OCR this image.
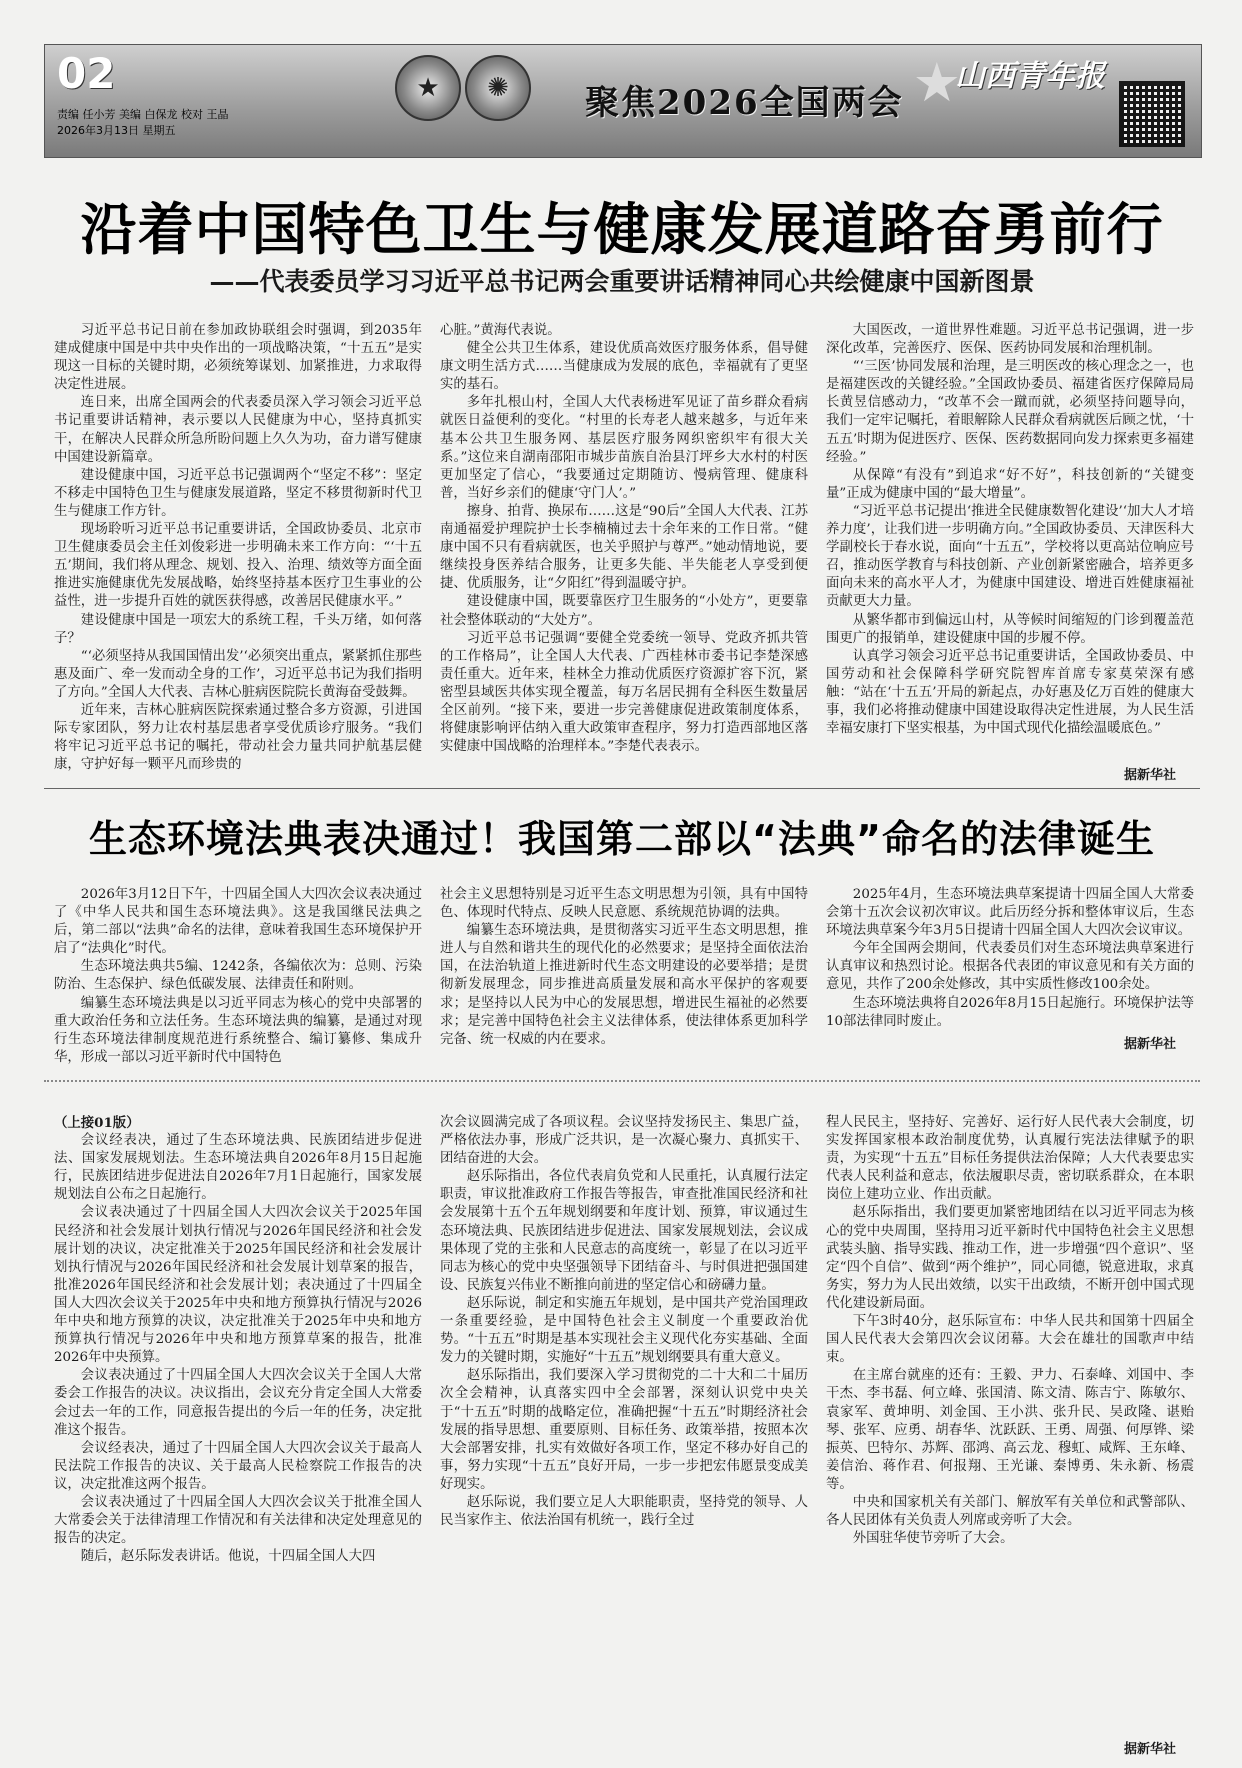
02
责编 任小芳 美编 白保龙 校对 王晶
2026年3月13日 星期五
★	✺	聚焦2026全国两会 ★
山西青年报
沿着中国特色卫生与健康发展道路奋勇前行
——代表委员学习习近平总书记两会重要讲话精神同心共绘健康中国新图景

习近平总书记日前在参加政协联组会时强调，到2035年建成健康中国是中共中央作出的一项战略决策，“十五五”是实现这一目标的关键时期，必须统筹谋划、加紧推进，力求取得决定性进展。

连日来，出席全国两会的代表委员深入学习领会习近平总书记重要讲话精神，表示要以人民健康为中心，坚持真抓实干，在解决人民群众所急所盼问题上久久为功，奋力谱写健康中国建设新篇章。

建设健康中国，习近平总书记强调两个“坚定不移”：坚定不移走中国特色卫生与健康发展道路，坚定不移贯彻新时代卫生与健康工作方针。

现场聆听习近平总书记重要讲话，全国政协委员、北京市卫生健康委员会主任刘俊彩进一步明确未来工作方向：“‘十五五’期间，我们将从理念、规划、投入、治理、绩效等方面全面推进实施健康优先发展战略，始终坚持基本医疗卫生事业的公益性，进一步提升百姓的就医获得感，改善居民健康水平。”

建设健康中国是一项宏大的系统工程，千头万绪，如何落子？

“‘必须坚持从我国国情出发’‘必须突出重点，紧紧抓住那些惠及面广、牵一发而动全身的工作’，习近平总书记为我们指明了方向。”全国人大代表、吉林心脏病医院院长黄海奋受鼓舞。

近年来，吉林心脏病医院探索通过整合多方资源，引进国际专家团队，努力让农村基层患者享受优质诊疗服务。“我们将牢记习近平总书记的嘱托，带动社会力量共同护航基层健康，守护好每一颗平凡而珍贵的

心脏。”黄海代表说。

健全公共卫生体系，建设优质高效医疗服务体系，倡导健康文明生活方式……当健康成为发展的底色，幸福就有了更坚实的基石。

多年扎根山村，全国人大代表杨进军见证了苗乡群众看病就医日益便利的变化。“村里的长寿老人越来越多，与近年来基本公共卫生服务网、基层医疗服务网织密织牢有很大关系。”这位来自湖南邵阳市城步苗族自治县汀坪乡大水村的村医更加坚定了信心，“我要通过定期随访、慢病管理、健康科普，当好乡亲们的健康‘守门人’。”

擦身、拍背、换尿布……这是“90后”全国人大代表、江苏南通福爱护理院护士长李楠楠过去十余年来的工作日常。“健康中国不只有看病就医，也关乎照护与尊严。”她动情地说，要继续投身医养结合服务，让更多失能、半失能老人享受到便捷、优质服务，让“夕阳红”得到温暖守护。

建设健康中国，既要靠医疗卫生服务的“小处方”，更要靠社会整体联动的“大处方”。

习近平总书记强调“要健全党委统一领导、党政齐抓共管的工作格局”，让全国人大代表、广西桂林市委书记李楚深感责任重大。近年来，桂林全力推动优质医疗资源扩容下沉，紧密型县域医共体实现全覆盖，每万名居民拥有全科医生数量居全区前列。“接下来，要进一步完善健康促进政策制度体系，将健康影响评估纳入重大政策审查程序，努力打造西部地区落实健康中国战略的治理样本。”李楚代表表示。

大国医改，一道世界性难题。习近平总书记强调，进一步深化改革，完善医疗、医保、医药协同发展和治理机制。

“‘三医’协同发展和治理，是三明医改的核心理念之一，也是福建医改的关键经验。”全国政协委员、福建省医疗保障局局长黄昱信感动力，“改革不会一蹴而就，必须坚持问题导向，我们一定牢记嘱托，着眼解除人民群众看病就医后顾之忧，‘十五五’时期为促进医疗、医保、医药数据同向发力探索更多福建经验。”

从保障“有没有”到追求“好不好”，科技创新的“关键变量”正成为健康中国的“最大增量”。

“习近平总书记提出‘推进全民健康数智化建设’‘加大人才培养力度’，让我们进一步明确方向。”全国政协委员、天津医科大学副校长于春水说，面向“十五五”，学校将以更高站位响应号召，推动医学教育与科技创新、产业创新紧密融合，培养更多面向未来的高水平人才，为健康中国建设、增进百姓健康福祉贡献更大力量。

从繁华都市到偏远山村，从等候时间缩短的门诊到覆盖范围更广的报销单，建设健康中国的步履不停。

认真学习领会习近平总书记重要讲话，全国政协委员、中国劳动和社会保障科学研究院智库首席专家莫荣深有感触：“站在‘十五五’开局的新起点，办好惠及亿万百姓的健康大事，我们必将推动健康中国建设取得决定性进展，为人民生活幸福安康打下坚实根基，为中国式现代化描绘温暖底色。”

据新华社
生态环境法典表决通过！我国第二部以“法典”命名的法律诞生

2026年3月12日下午，十四届全国人大四次会议表决通过了《中华人民共和国生态环境法典》。这是我国继民法典之后，第二部以“法典”命名的法律，意味着我国生态环境保护开启了“法典化”时代。

生态环境法典共5编、1242条，各编依次为：总则、污染防治、生态保护、绿色低碳发展、法律责任和附则。

编纂生态环境法典是以习近平同志为核心的党中央部署的重大政治任务和立法任务。生态环境法典的编纂，是通过对现行生态环境法律制度规范进行系统整合、编订纂修、集成升华，形成一部以习近平新时代中国特色

社会主义思想特别是习近平生态文明思想为引领，具有中国特色、体现时代特点、反映人民意愿、系统规范协调的法典。

编纂生态环境法典，是贯彻落实习近平生态文明思想，推进人与自然和谐共生的现代化的必然要求；是坚持全面依法治国，在法治轨道上推进新时代生态文明建设的必要举措；是贯彻新发展理念，同步推进高质量发展和高水平保护的客观要求；是坚持以人民为中心的发展思想，增进民生福祉的必然要求；是完善中国特色社会主义法律体系，使法律体系更加科学完备、统一权威的内在要求。

2025年4月，生态环境法典草案提请十四届全国人大常委会第十五次会议初次审议。此后历经分拆和整体审议后，生态环境法典草案今年3月5日提请十四届全国人大四次会议审议。

今年全国两会期间，代表委员们对生态环境法典草案进行认真审议和热烈讨论。根据各代表团的审议意见和有关方面的意见，共作了200余处修改，其中实质性修改100余处。

生态环境法典将自2026年8月15日起施行。环境保护法等10部法律同时废止。

据新华社

（上接01版）

会议经表决，通过了生态环境法典、民族团结进步促进法、国家发展规划法。生态环境法典自2026年8月15日起施行，民族团结进步促进法自2026年7月1日起施行，国家发展规划法自公布之日起施行。

会议表决通过了十四届全国人大四次会议关于2025年国民经济和社会发展计划执行情况与2026年国民经济和社会发展计划的决议，决定批准关于2025年国民经济和社会发展计划执行情况与2026年国民经济和社会发展计划草案的报告，批准2026年国民经济和社会发展计划；表决通过了十四届全国人大四次会议关于2025年中央和地方预算执行情况与2026年中央和地方预算的决议，决定批准关于2025年中央和地方预算执行情况与2026年中央和地方预算草案的报告，批准2026年中央预算。

会议表决通过了十四届全国人大四次会议关于全国人大常委会工作报告的决议。决议指出，会议充分肯定全国人大常委会过去一年的工作，同意报告提出的今后一年的任务，决定批准这个报告。

会议经表决，通过了十四届全国人大四次会议关于最高人民法院工作报告的决议、关于最高人民检察院工作报告的决议，决定批准这两个报告。

会议表决通过了十四届全国人大四次会议关于批准全国人大常委会关于法律清理工作情况和有关法律和决定处理意见的报告的决定。

随后，赵乐际发表讲话。他说，十四届全国人大四

次会议圆满完成了各项议程。会议坚持发扬民主、集思广益，严格依法办事，形成广泛共识，是一次凝心聚力、真抓实干、团结奋进的大会。

赵乐际指出，各位代表肩负党和人民重托，认真履行法定职责，审议批准政府工作报告等报告，审查批准国民经济和社会发展第十五个五年规划纲要和年度计划、预算，审议通过生态环境法典、民族团结进步促进法、国家发展规划法，会议成果体现了党的主张和人民意志的高度统一，彰显了在以习近平同志为核心的党中央坚强领导下团结奋斗、与时俱进把强国建设、民族复兴伟业不断推向前进的坚定信心和磅礴力量。

赵乐际说，制定和实施五年规划，是中国共产党治国理政一条重要经验，是中国特色社会主义制度一个重要政治优势。“十五五”时期是基本实现社会主义现代化夯实基础、全面发力的关键时期，实施好“十五五”规划纲要具有重大意义。

赵乐际指出，我们要深入学习贯彻党的二十大和二十届历次全会精神，认真落实四中全会部署，深刻认识党中央关于“十五五”时期的战略定位，准确把握“十五五”时期经济社会发展的指导思想、重要原则、目标任务、政策举措，按照本次大会部署安排，扎实有效做好各项工作，坚定不移办好自己的事，努力实现“十五五”良好开局，一步一步把宏伟愿景变成美好现实。

赵乐际说，我们要立足人大职能职责，坚持党的领导、人民当家作主、依法治国有机统一，践行全过

程人民民主，坚持好、完善好、运行好人民代表大会制度，切实发挥国家根本政治制度优势，认真履行宪法法律赋予的职责，为实现“十五五”目标任务提供法治保障；人大代表要忠实代表人民利益和意志，依法履职尽责，密切联系群众，在本职岗位上建功立业、作出贡献。

赵乐际指出，我们要更加紧密地团结在以习近平同志为核心的党中央周围，坚持用习近平新时代中国特色社会主义思想武装头脑、指导实践、推动工作，进一步增强“四个意识”、坚定“四个自信”、做到“两个维护”，同心同德，锐意进取，求真务实，努力为人民出效绩，以实干出政绩，不断开创中国式现代化建设新局面。

下午3时40分，赵乐际宣布：中华人民共和国第十四届全国人民代表大会第四次会议闭幕。大会在雄壮的国歌声中结束。

在主席台就座的还有：王毅、尹力、石泰峰、刘国中、李干杰、李书磊、何立峰、张国清、陈文清、陈吉宁、陈敏尔、袁家军、黄坤明、刘金国、王小洪、张升民、吴政隆、谌贻琴、张军、应勇、胡春华、沈跃跃、王勇、周强、何厚铧、梁振英、巴特尔、苏辉、邵鸿、高云龙、穆虹、咸辉、王东峰、姜信治、蒋作君、何报翔、王光谦、秦博勇、朱永新、杨震等。

中央和国家机关有关部门、解放军有关单位和武警部队、各人民团体有关负责人列席或旁听了大会。

外国驻华使节旁听了大会。

据新华社
